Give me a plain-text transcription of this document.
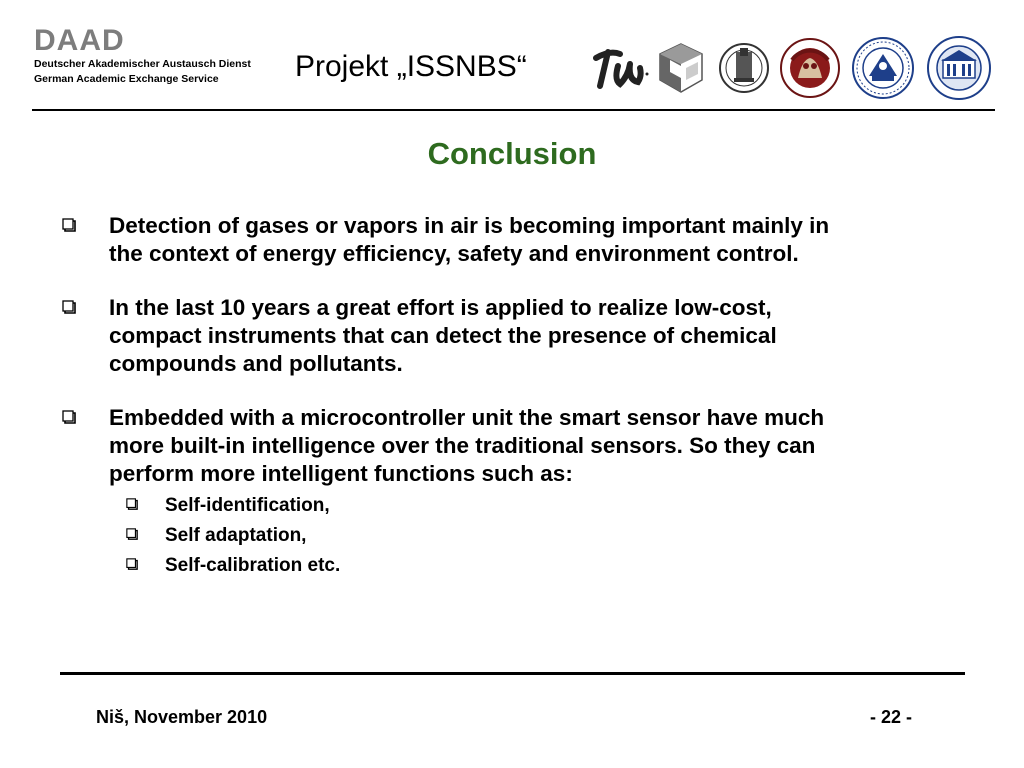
DAAD
Deutscher Akademischer Austausch Dienst
German Academic Exchange Service	Projekt „ISSNBS“
Conclusion
Detection of gases or vapors in air is becoming important mainly in
the context of energy efficiency, safety and environment control.
In the last 10 years a great effort is applied to realize low-cost,
compact instruments that can detect the presence of chemical
compounds and pollutants.
Embedded with a microcontroller unit the smart sensor have much
more built-in intelligence over the traditional sensors. So they can
perform more intelligent functions such as:
Self-identification,
Self adaptation,
Self-calibration etc.
Niš, November 2010	- 22 -
